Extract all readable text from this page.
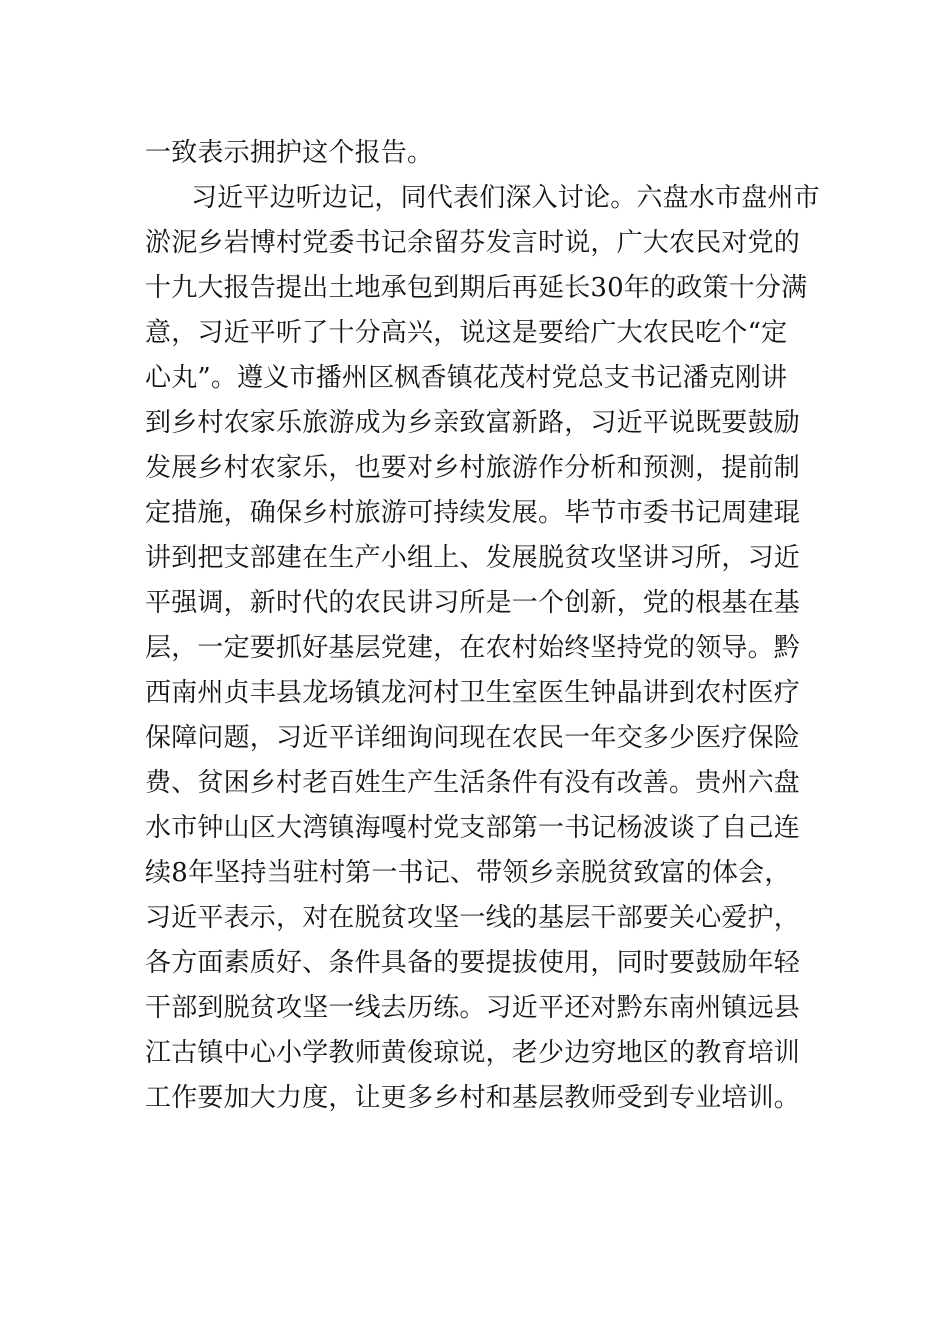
一致表示拥护这个报告。
习近平边听边记，同代表们深入讨论。六盘水市盘州市
淤泥乡岩博村党委书记余留芬发言时说，广大农民对党的
十九大报告提出土地承包到期后再延长30年的政策十分满
意，习近平听了十分高兴，说这是要给广大农民吃个“定
心丸”。遵义市播州区枫香镇花茂村党总支书记潘克刚讲
到乡村农家乐旅游成为乡亲致富新路，习近平说既要鼓励
发展乡村农家乐，也要对乡村旅游作分析和预测，提前制
定措施，确保乡村旅游可持续发展。毕节市委书记周建琨
讲到把支部建在生产小组上、发展脱贫攻坚讲习所，习近
平强调，新时代的农民讲习所是一个创新，党的根基在基
层，一定要抓好基层党建，在农村始终坚持党的领导。黔
西南州贞丰县龙场镇龙河村卫生室医生钟晶讲到农村医疗
保障问题，习近平详细询问现在农民一年交多少医疗保险
费、贫困乡村老百姓生产生活条件有没有改善。贵州六盘
水市钟山区大湾镇海嘎村党支部第一书记杨波谈了自己连
续8年坚持当驻村第一书记、带领乡亲脱贫致富的体会，
习近平表示，对在脱贫攻坚一线的基层干部要关心爱护，
各方面素质好、条件具备的要提拔使用，同时要鼓励年轻
干部到脱贫攻坚一线去历练。习近平还对黔东南州镇远县
江古镇中心小学教师黄俊琼说，老少边穷地区的教育培训
工作要加大力度，让更多乡村和基层教师受到专业培训。
